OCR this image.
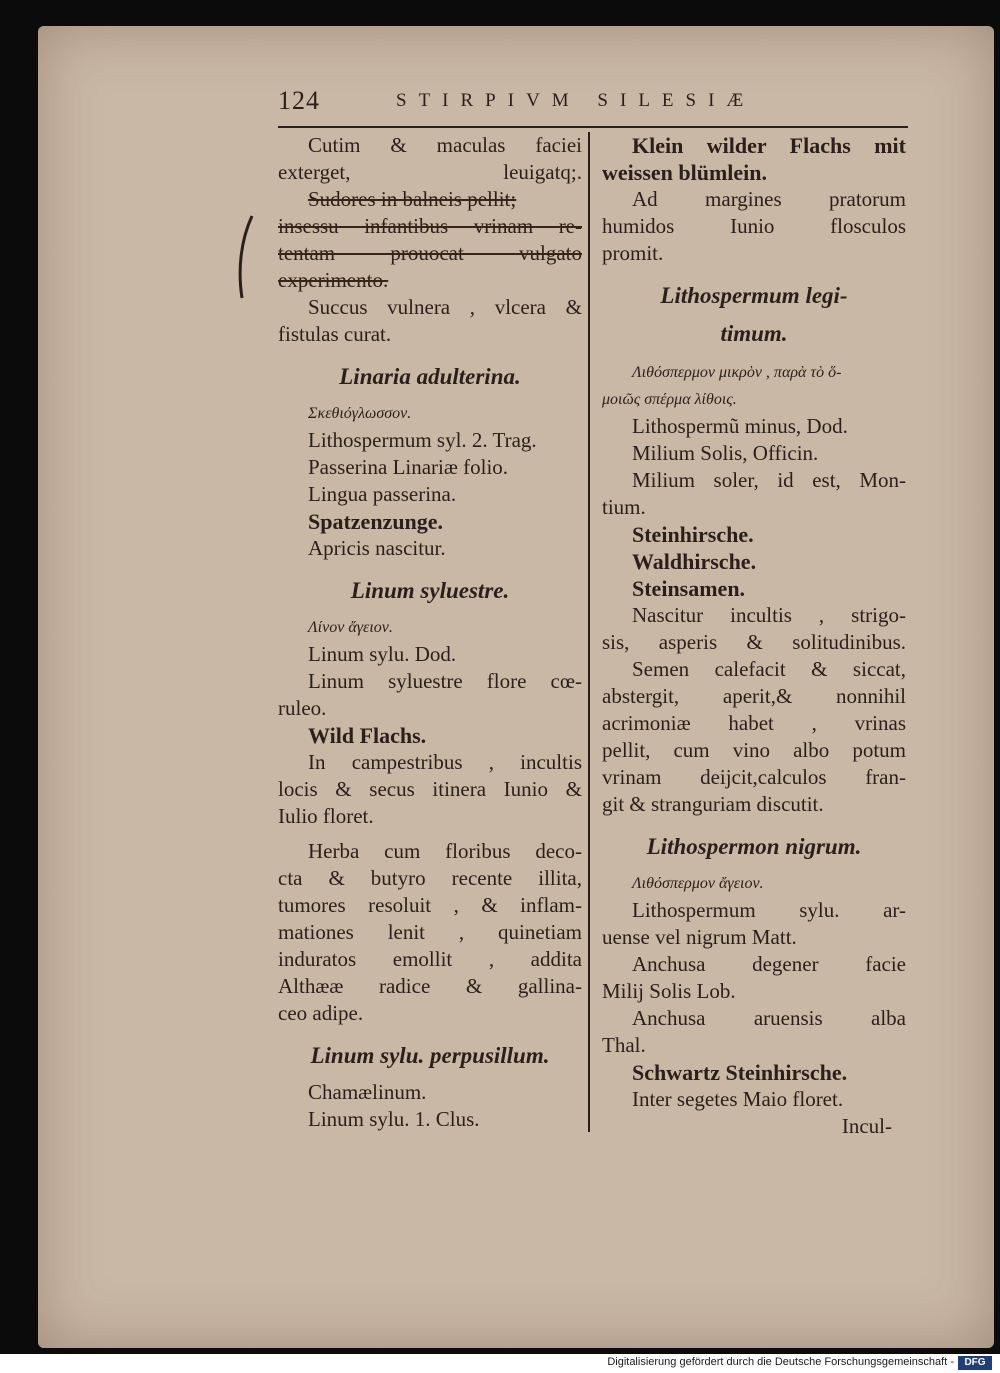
124	STIRPIVM SILESIÆ
Cutim & maculas faciei
exterget, leuigatq;.
Sudores in balneis pellit;
insessu infantibus vrinam re-
tentam prouocat vulgato
experimento.
Succus vulnera , vlcera &
fistulas curat.
Linaria adulterina.
Σκεθιόγλωσσον.
Lithospermum syl. 2. Trag.
Passerina Linariæ folio.
Lingua passerina.
Spatzenzunge.
Apricis nascitur.
Linum syluestre.
Λίνον ἄγειον.
Linum sylu. Dod.
Linum syluestre flore cœ-
ruleo.
Wild Flachs.
In campestribus , incultis
locis & secus itinera Iunio &
Iulio floret.
Herba cum floribus deco-
cta & butyro recente illita,
tumores resoluit , & inflam-
mationes lenit , quinetiam
induratos emollit , addita
Althææ radice & gallina-
ceo adipe.
Linum sylu. perpusillum.
Chamælinum.
Linum sylu. 1. Clus.
Klein wilder Flachs mit
weissen blümlein.
Ad margines pratorum
humidos Iunio flosculos
promit.
Lithospermum legi-
timum.
Λιθόσπερμον μικρὸν , παρὰ τὸ ὅ-
μοιῶς σπέρμα λίθοις.
Lithospermũ minus, Dod.
Milium Solis, Officin.
Milium soler, id est, Mon-
tium.
Steinhirsche.
Waldhirsche.
Steinsamen.
Nascitur incultis , strigo-
sis, asperis & solitudinibus.
Semen calefacit & siccat,
abstergit, aperit,& nonnihil
acrimoniæ habet , vrinas
pellit, cum vino albo potum
vrinam deijcit,calculos fran-
git & stranguriam discutit.
Lithospermon nigrum.
Λιθόσπερμον ἄγειον.
Lithospermum sylu. ar-
uense vel nigrum Matt.
Anchusa degener facie
Milij Solis Lob.
Anchusa aruensis alba
Thal.
Schwartz Steinhirsche.
Inter segetes Maio floret.
Incul-
Digitalisierung gefördert durch die Deutsche Forschungsgemeinschaft -	DFG
